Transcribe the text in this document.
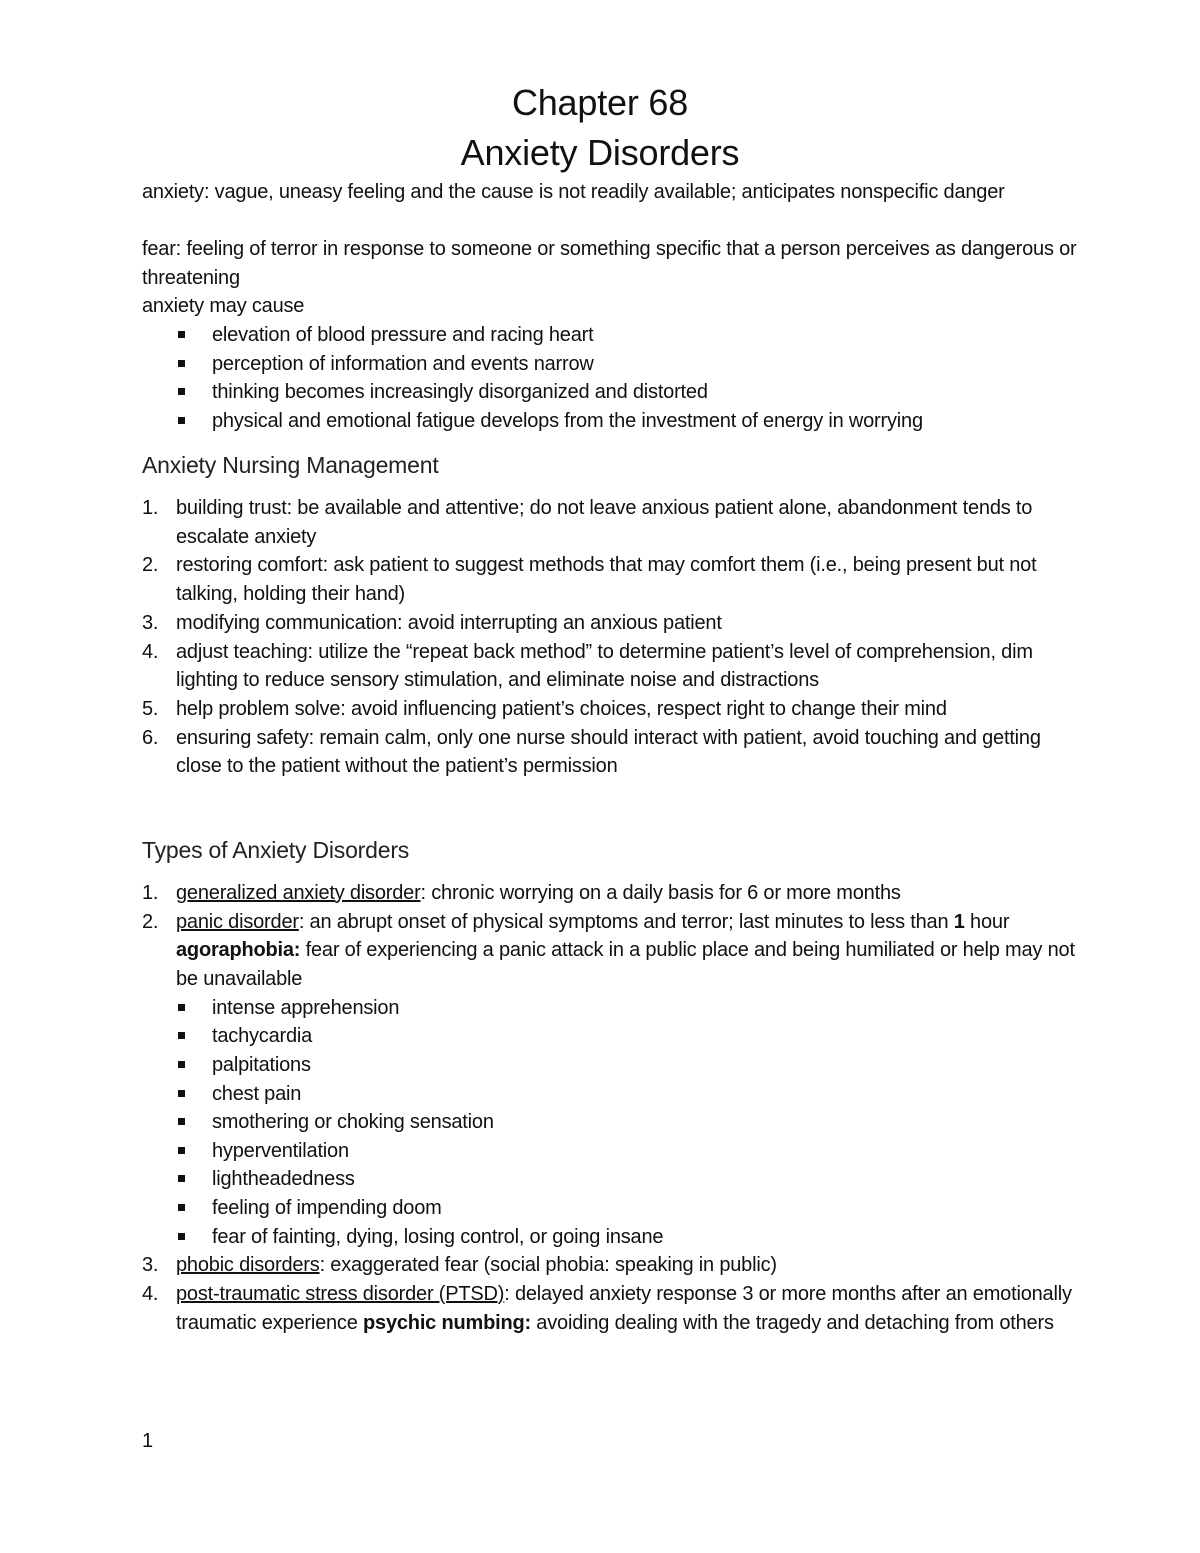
Chapter 68
Anxiety Disorders

anxiety: vague, uneasy feeling and the cause is not readily available; anticipates nonspecific danger

fear: feeling of terror in response to someone or something specific that a person perceives as dangerous or threatening

anxiety may cause

elevation of blood pressure and racing heart
perception of information and events narrow
thinking becomes increasingly disorganized and distorted
physical and emotional fatigue develops from the investment of energy in worrying
Anxiety Nursing Management
1. building trust: be available and attentive; do not leave anxious patient alone, abandonment tends to escalate anxiety
2. restoring comfort: ask patient to suggest methods that may comfort them (i.e., being present but not talking, holding their hand)
3. modifying communication: avoid interrupting an anxious patient
4. adjust teaching: utilize the “repeat back method” to determine patient’s level of comprehension, dim lighting to reduce sensory stimulation, and eliminate noise and distractions
5. help problem solve: avoid influencing patient’s choices, respect right to change their mind
6. ensuring safety: remain calm, only one nurse should interact with patient, avoid touching and getting close to the patient without the patient’s permission
Types of Anxiety Disorders
1. generalized anxiety disorder: chronic worrying on a daily basis for 6 or more months
2. panic disorder: an abrupt onset of physical symptoms and terror; last minutes to less than 1 hour agoraphobia: fear of experiencing a panic attack in a public place and being humiliated or help may not be unavailable
intense apprehension
tachycardia
palpitations
chest pain
smothering or choking sensation
hyperventilation
lightheadedness
feeling of impending doom
fear of fainting, dying, losing control, or going insane
3. phobic disorders: exaggerated fear (social phobia: speaking in public)
4. post-traumatic stress disorder (PTSD): delayed anxiety response 3 or more months after an emotionally traumatic experience psychic numbing: avoiding dealing with the tragedy and detaching from others
1
